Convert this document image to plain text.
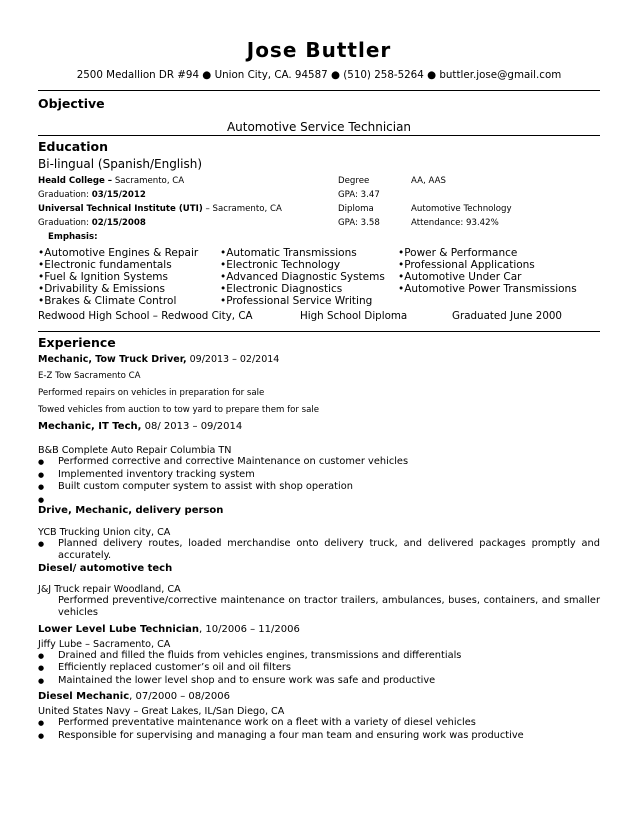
Jose Buttler
2500 Medallion DR #94 ● Union City, CA. 94587 ● (510) 258-5264 ● buttler.jose@gmail.com
Objective
Automotive Service Technician
Education
Bi-lingual (Spanish/English)
Heald College – Sacramento, CA	Degree	AA, AAS
Graduation: 03/15/2012	GPA: 3.47
Universal Technical Institute (UTI) – Sacramento, CA	Diploma	Automotive Technology
Graduation: 02/15/2008	GPA: 3.58	Attendance: 93.42%
Emphasis:
•Automotive Engines & Repair
•Electronic fundamentals
•Fuel & Ignition Systems
•Drivability & Emissions
•Brakes & Climate Control
•Automatic Transmissions
•Electronic Technology
•Advanced Diagnostic Systems
•Electronic Diagnostics
•Professional Service Writing
•Power & Performance
•Professional Applications
•Automotive Under Car
•Automotive Power Transmissions
Redwood High School – Redwood City, CA	High School Diploma	Graduated June 2000
Experience
Mechanic, Tow Truck Driver, 09/2013 – 02/2014
E-Z Tow Sacramento CA
Performed repairs on vehicles in preparation for sale
Towed vehicles from auction to tow yard to prepare them for sale
Mechanic, IT Tech, 08/ 2013 – 09/2014
B&B Complete Auto Repair Columbia TN
● Performed corrective and corrective Maintenance on customer vehicles
● Implemented inventory tracking system
● Built custom computer system to assist with shop operation
●
Drive, Mechanic, delivery person
YCB Trucking Union city, CA
● Planned delivery routes, loaded merchandise onto delivery truck, and delivered packages promptly and accurately.
Diesel/ automotive tech
J&J Truck repair Woodland, CA
Performed preventive/corrective maintenance on tractor trailers, ambulances, buses, containers, and smaller vehicles
Lower Level Lube Technician, 10/2006 – 11/2006
Jiffy Lube – Sacramento, CA
● Drained and filled the fluids from vehicles engines, transmissions and differentials
● Efficiently replaced customer’s oil and oil filters
● Maintained the lower level shop and to ensure work was safe and productive
Diesel Mechanic, 07/2000 – 08/2006
United States Navy – Great Lakes, IL/San Diego, CA
● Performed preventative maintenance work on a fleet with a variety of diesel vehicles
● Responsible for supervising and managing a four man team and ensuring work was productive
